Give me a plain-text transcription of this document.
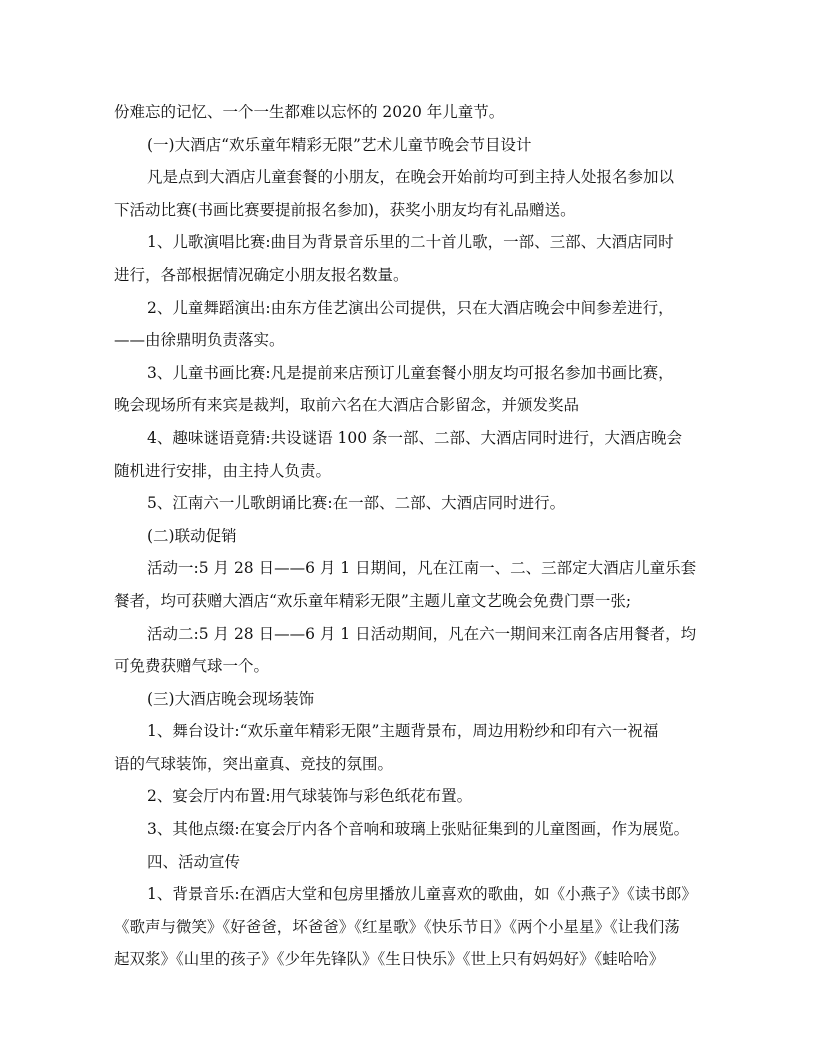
份难忘的记忆、一个一生都难以忘怀的 2020 年儿童节。
(一)大酒店“欢乐童年精彩无限”艺术儿童节晚会节目设计
凡是点到大酒店儿童套餐的小朋友，在晚会开始前均可到主持人处报名参加以
下活动比赛(书画比赛要提前报名参加)，获奖小朋友均有礼品赠送。
1、儿歌演唱比赛:曲目为背景音乐里的二十首儿歌，一部、三部、大酒店同时
进行，各部根据情况确定小朋友报名数量。
2、儿童舞蹈演出:由东方佳艺演出公司提供，只在大酒店晚会中间参差进行，
——由徐鼎明负责落实。
3、儿童书画比赛:凡是提前来店预订儿童套餐小朋友均可报名参加书画比赛，
晚会现场所有来宾是裁判，取前六名在大酒店合影留念，并颁发奖品
4、趣味谜语竟猜:共设谜语 100 条一部、二部、大酒店同时进行，大酒店晚会
随机进行安排，由主持人负责。
5、江南六一儿歌朗诵比赛:在一部、二部、大酒店同时进行。
(二)联动促销
活动一:5 月 28 日——6 月 1 日期间，凡在江南一、二、三部定大酒店儿童乐套
餐者，均可获赠大酒店“欢乐童年精彩无限”主题儿童文艺晚会免费门票一张;
活动二:5 月 28 日——6 月 1 日活动期间，凡在六一期间来江南各店用餐者，均
可免费获赠气球一个。
(三)大酒店晚会现场装饰
1、舞台设计:“欢乐童年精彩无限”主题背景布，周边用粉纱和印有六一祝福
语的气球装饰，突出童真、竞技的氛围。
2、宴会厅内布置:用气球装饰与彩色纸花布置。
3、其他点缀:在宴会厅内各个音响和玻璃上张贴征集到的儿童图画，作为展览。
四、活动宣传
1、背景音乐:在酒店大堂和包房里播放儿童喜欢的歌曲，如《小燕子》《读书郎》
《歌声与微笑》《好爸爸，坏爸爸》《红星歌》《快乐节日》《两个小星星》《让我们荡
起双浆》《山里的孩子》《少年先锋队》《生日快乐》《世上只有妈妈好》《蛙哈哈》
